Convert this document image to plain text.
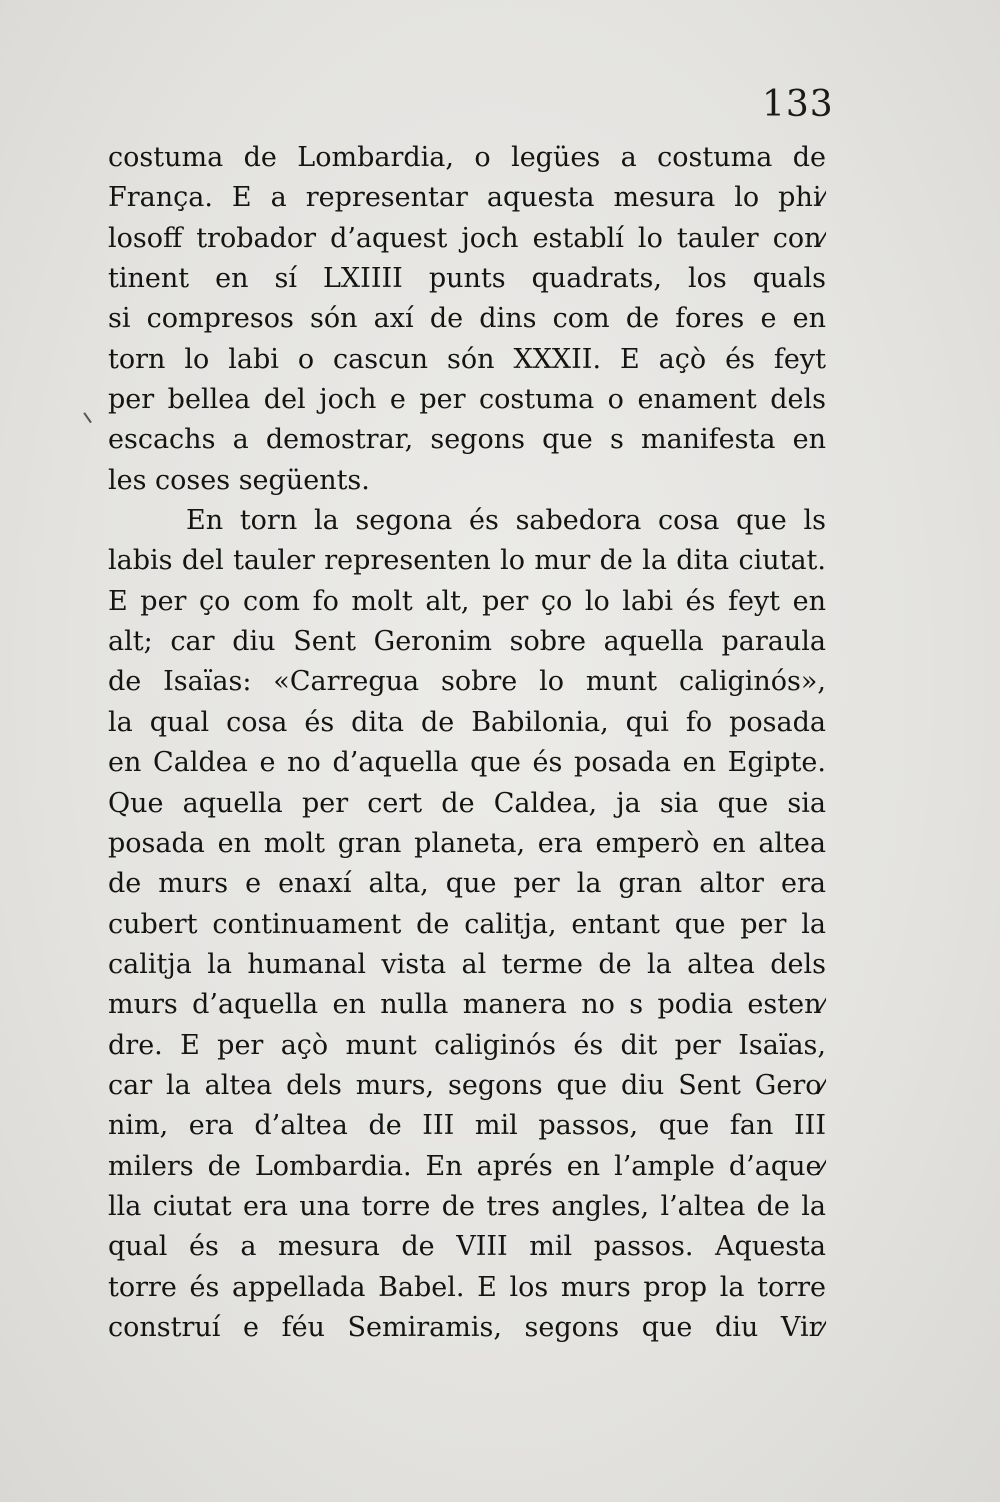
133

costuma de Lombardia, o legües a costuma de

França. E a representar aquesta mesura lo phi⁄

losoff trobador d’aquest joch establí lo tauler con⁄

tinent en sí LXIIII punts quadrats, los quals

si compresos són axí de dins com de fores e en

torn lo labi o cascun són XXXII. E açò és feyt

per bellea del joch e per costuma o enament dels

escachs a demostrar, segons que s manifesta en

les coses següents.

En torn la segona és sabedora cosa que ls

labis del tauler representen lo mur de la dita ciutat.

E per ço com fo molt alt, per ço lo labi és feyt en

alt; car diu Sent Geronim sobre aquella paraula

de Isaïas: «Carregua sobre lo munt caliginós»,

la qual cosa és dita de Babilonia, qui fo posada

en Caldea e no d’aquella que és posada en Egipte.

Que aquella per cert de Caldea, ja sia que sia

posada en molt gran planeta, era emperò en altea

de murs e enaxí alta, que per la gran altor era

cubert continuament de calitja, entant que per la

calitja la humanal vista al terme de la altea dels

murs d’aquella en nulla manera no s podia esten⁄

dre. E per açò munt caliginós és dit per Isaïas,

car la altea dels murs, segons que diu Sent Gero⁄

nim, era d’altea de III mil passos, que fan III

milers de Lombardia. En aprés en l’ample d’aque⁄

lla ciutat era una torre de tres angles, l’altea de la

qual és a mesura de VIII mil passos. Aquesta

torre és appellada Babel. E los murs prop la torre

construí e féu Semiramis, segons que diu Vir⁄
